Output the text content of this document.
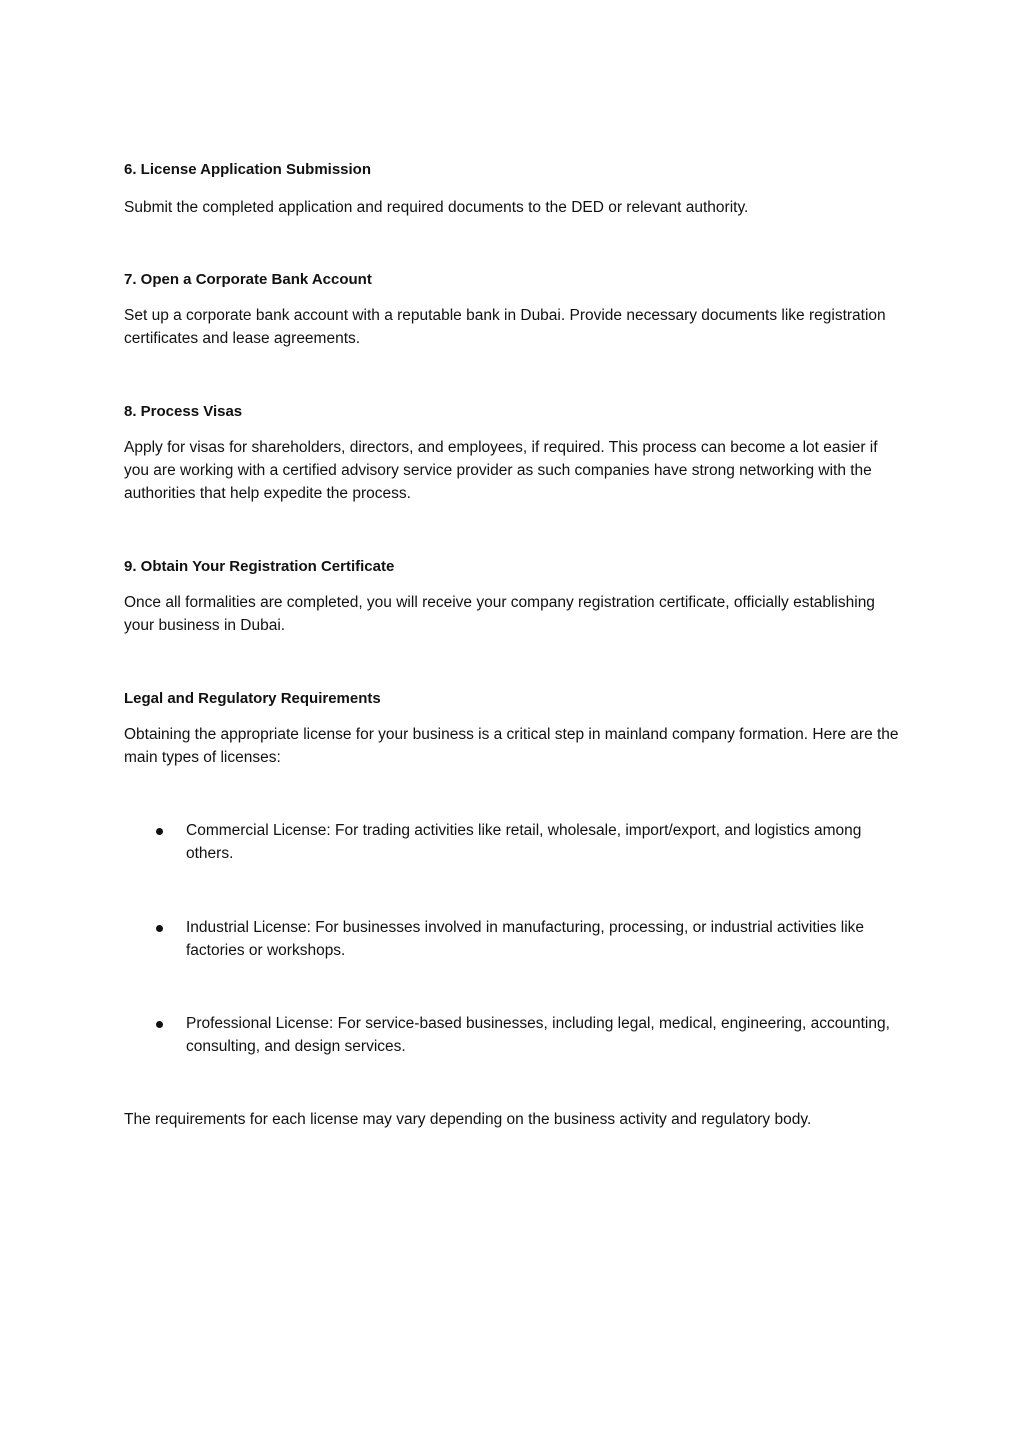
6. License Application Submission

Submit the completed application and required documents to the DED or relevant authority.

7. Open a Corporate Bank Account

Set up a corporate bank account with a reputable bank in Dubai. Provide necessary documents like registration certificates and lease agreements.

8. Process Visas

Apply for visas for shareholders, directors, and employees, if required. This process can become a lot easier if you are working with a certified advisory service provider as such companies have strong networking with the authorities that help expedite the process.

9. Obtain Your Registration Certificate

Once all formalities are completed, you will receive your company registration certificate, officially establishing your business in Dubai.

Legal and Regulatory Requirements

Obtaining the appropriate license for your business is a critical step in mainland company formation. Here are the main types of licenses:

Commercial License: For trading activities like retail, wholesale, import/export, and logistics among others.
Industrial License: For businesses involved in manufacturing, processing, or industrial activities like factories or workshops.
Professional License: For service-based businesses, including legal, medical, engineering, accounting, consulting, and design services.

The requirements for each license may vary depending on the business activity and regulatory body.
